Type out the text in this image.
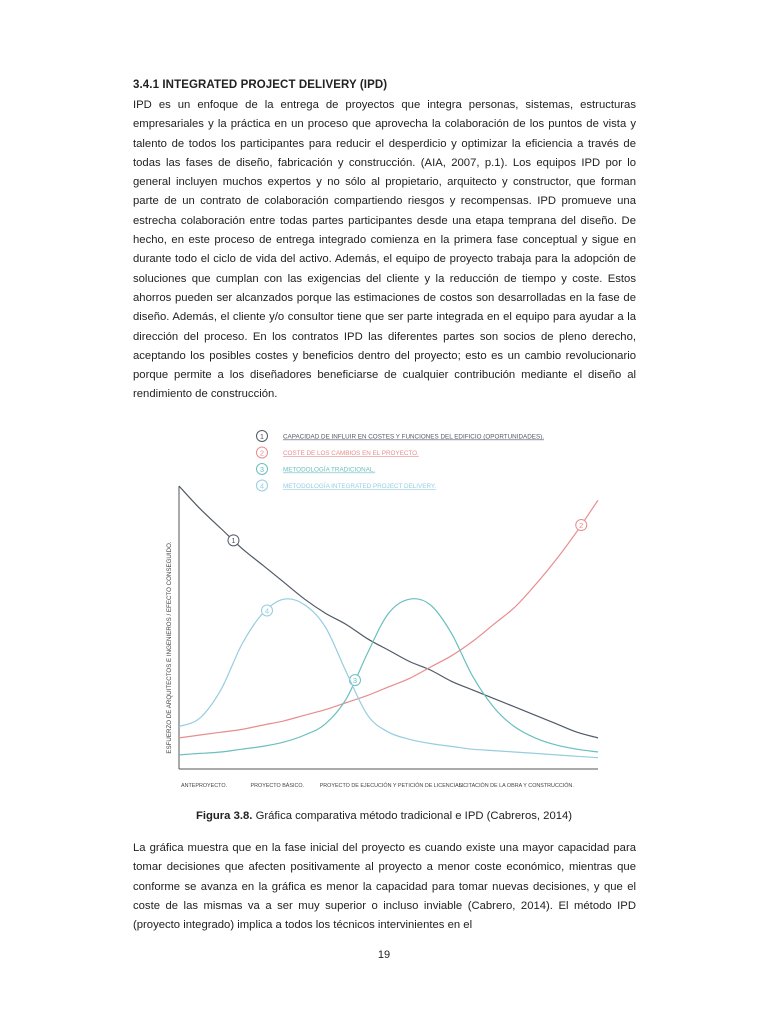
3.4.1 INTEGRATED PROJECT DELIVERY (IPD)
IPD es un enfoque de la entrega de proyectos que integra personas, sistemas, estructuras empresariales y la práctica en un proceso que aprovecha la colaboración de los puntos de vista y talento de todos los participantes para reducir el desperdicio y optimizar la eficiencia a través de todas las fases de diseño, fabricación y construcción. (AIA, 2007, p.1). Los equipos IPD por lo general incluyen muchos expertos y no sólo al propietario, arquitecto y constructor, que forman parte de un contrato de colaboración compartiendo riesgos y recompensas. IPD promueve una estrecha colaboración entre todas partes participantes desde una etapa temprana del diseño. De hecho, en este proceso de entrega integrado comienza en la primera fase conceptual y sigue en durante todo el ciclo de vida del activo. Además, el equipo de proyecto trabaja para la adopción de soluciones que cumplan con las exigencias del cliente y la reducción de tiempo y coste. Estos ahorros pueden ser alcanzados porque las estimaciones de costos son desarrolladas en la fase de diseño. Además, el cliente y/o consultor tiene que ser parte integrada en el equipo para ayudar a la dirección del proceso. En los contratos IPD las diferentes partes son socios de pleno derecho, aceptando los posibles costes y beneficios dentro del proyecto; esto es un cambio revolucionario porque permite a los diseñadores beneficiarse de cualquier contribución mediante el diseño al rendimiento de construcción.
ESFUERZO DE ARQUITECTOS E INGENIEROS / EFECTO CONSEGUIDO.
1	CAPACIDAD DE INFLUIR EN COSTES Y FUNCIONES DEL EDIFICIO (OPORTUNIDADES).
2	COSTE DE LOS CAMBIOS EN EL PROYECTO.
3	METODOLOGÍA TRADICIONAL.
4	METODOLOGÍA INTEGRATED PROJECT DELIVERY.
1
2
3
4
ANTEPROYECTO.	PROYECTO BÁSICO.	PROYECTO DE EJECUCIÓN Y PETICIÓN DE LICENCIAS.
LICITACIÓN DE LA OBRA Y CONSTRUCCIÓN.
Figura 3.8. Gráfica comparativa método tradicional e IPD (Cabreros, 2014)
La gráfica muestra que en la fase inicial del proyecto es cuando existe una mayor capacidad para tomar decisiones que afecten positivamente al proyecto a menor coste económico, mientras que conforme se avanza en la gráfica es menor la capacidad para tomar nuevas decisiones, y que el coste de las mismas va a ser muy superior o incluso inviable (Cabrero, 2014). El método IPD (proyecto integrado) implica a todos los técnicos intervinientes en el
19
